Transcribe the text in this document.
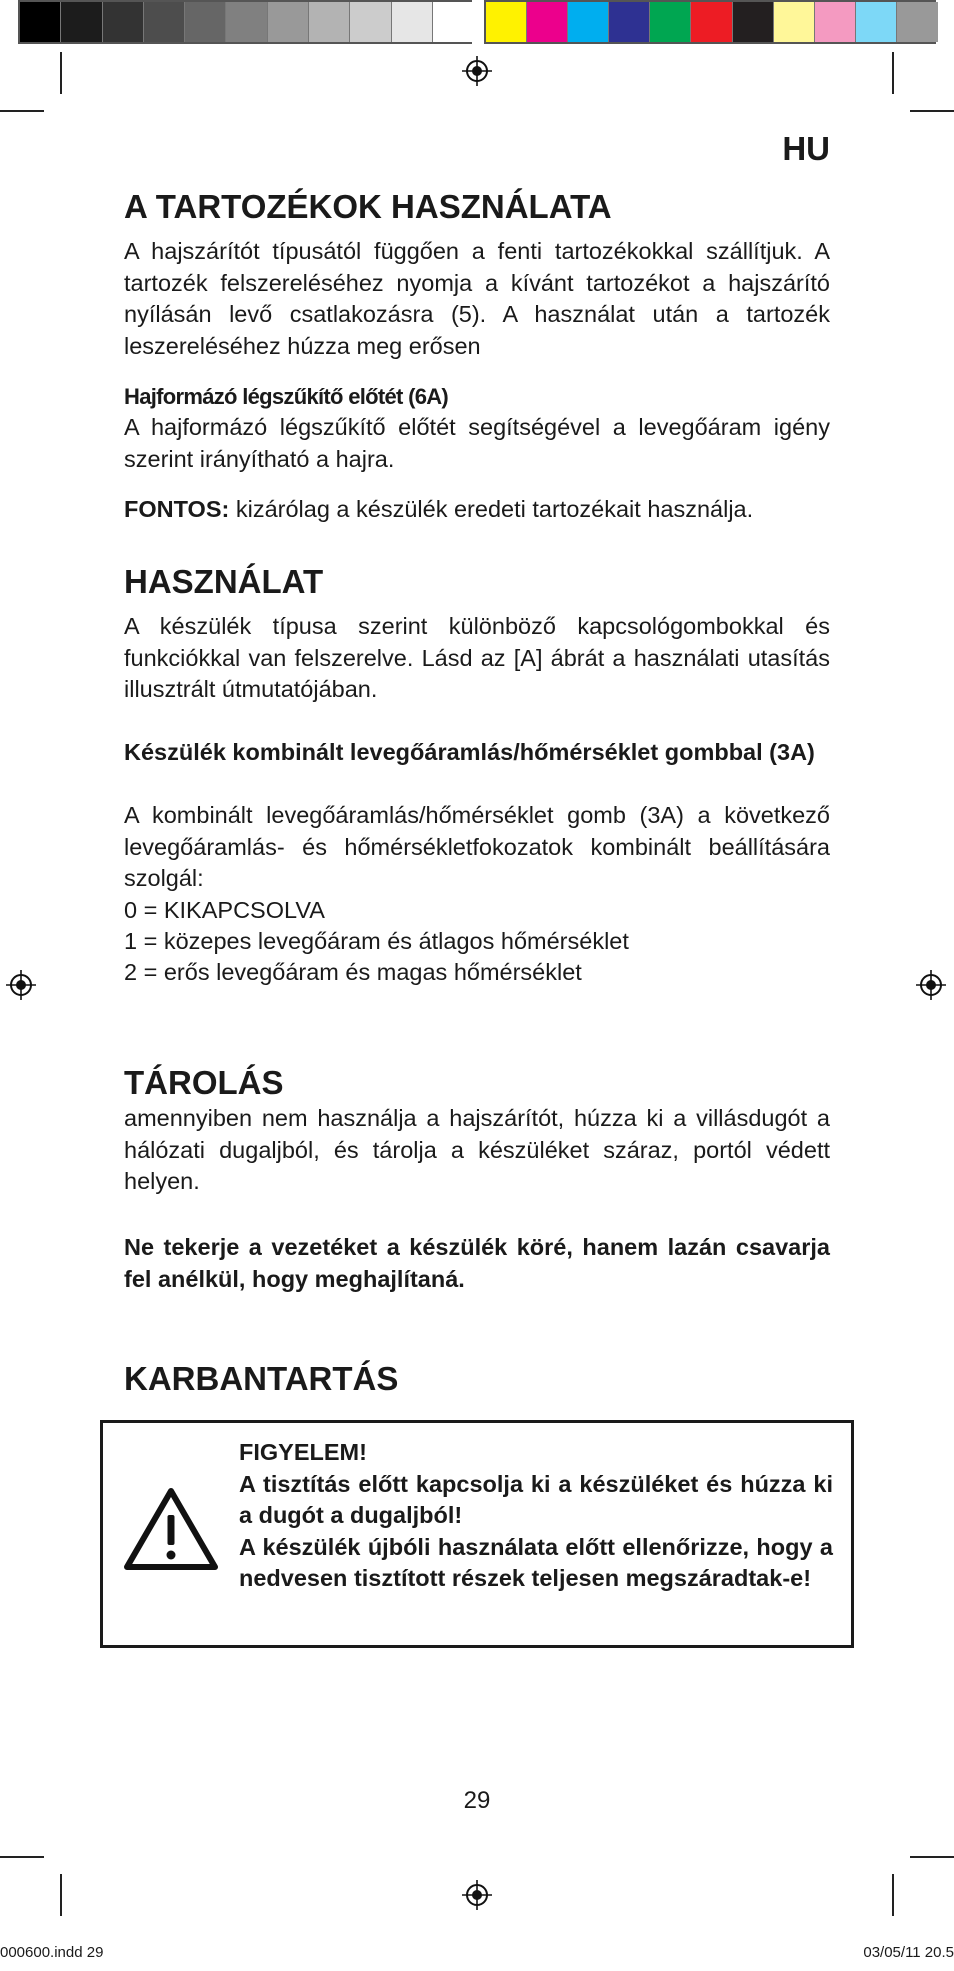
HU
A TARTOZÉKOK HASZNÁLATA

A hajszárítót típusától függően a fenti tartozékokkal szállítjuk. A tartozék felszereléséhez nyomja a kívánt tartozékot a hajszárító nyílásán levő csatlakozásra (5). A használat után a tartozék leszereléséhez húzza meg erősen

Hajformázó légszűkítő előtét (6A)

A hajformázó légszűkítő előtét segítségével a levegőáram igény szerint irányítható a hajra.

FONTOS: kizárólag a készülék eredeti tartozékait használja.

HASZNÁLAT

A készülék típusa szerint különböző kapcsológombokkal és funkciókkal van felszerelve. Lásd az [A] ábrát a használati utasítás illusztrált útmutatójában.

Készülék kombinált levegőáramlás/hőmérséklet gombbal (3A)

A kombinált levegőáramlás/hőmérséklet gomb (3A) a következő levegőáramlás- és hőmérsékletfokozatok kombinált beállítására szolgál:

0 = KIKAPCSOLVA

1 = közepes levegőáram és átlagos hőmérséklet

2 = erős levegőáram és magas hőmérséklet

TÁROLÁS

amennyiben nem használja a hajszárítót, húzza ki a villásdugót a hálózati dugaljból, és tárolja a készüléket száraz, portól védett helyen.

Ne tekerje a vezetéket a készülék köré, hanem lazán csavarja fel anélkül, hogy meghajlítaná.

KARBANTARTÁS

FIGYELEM!

A tisztítás előtt kapcsolja ki a készüléket és húzza ki a dugót a dugaljból!

A készülék újbóli használata előtt ellenőrizze, hogy a nedvesen tisztított részek teljesen megszáradtak-e!

29
000600.indd 29	03/05/11 20.5
